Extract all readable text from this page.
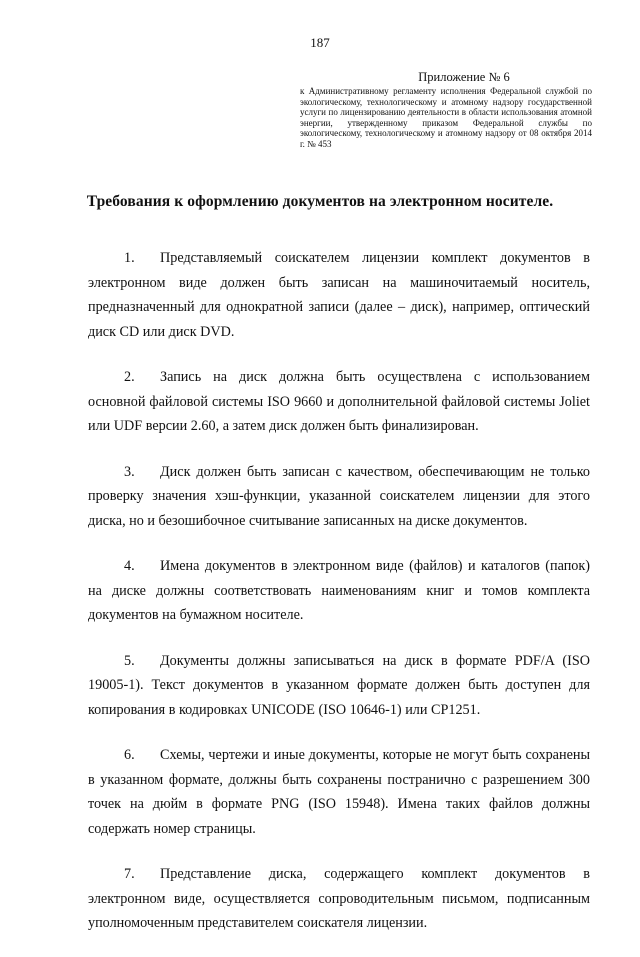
187
Приложение № 6

к Административному регламенту исполнения Федеральной службой по экологическому, технологическому и атомному надзору государственной услуги по лицензированию деятельности в области использования атомной энергии, утвержденному приказом Федеральной службы по экологическому, технологическому и атомному надзору от 08 октября 2014 г. № 453

Требования к оформлению документов на электронном носителе.

1. Представляемый соискателем лицензии комплект документов в электронном виде должен быть записан на машиночитаемый носитель, предназначенный для однократной записи (далее – диск), например, оптический диск CD или диск DVD.

2. Запись на диск должна быть осуществлена с использованием основной файловой системы ISO 9660 и дополнительной файловой системы Joliet или UDF версии 2.60, а затем диск должен быть финализирован.

3. Диск должен быть записан с качеством, обеспечивающим не только проверку значения хэш-функции, указанной соискателем лицензии для этого диска, но и безошибочное считывание записанных на диске документов.

4. Имена документов в электронном виде (файлов) и каталогов (папок) на диске должны соответствовать наименованиям книг и томов комплекта документов на бумажном носителе.

5. Документы должны записываться на диск в формате PDF/A (ISO 19005-1). Текст документов в указанном формате должен быть доступен для копирования в кодировках UNICODE (ISO 10646-1) или CP1251.

6. Схемы, чертежи и иные документы, которые не могут быть сохранены в указанном формате, должны быть сохранены постранично с разрешением 300 точек на дюйм в формате PNG (ISO 15948). Имена таких файлов должны содержать номер страницы.

7. Представление диска, содержащего комплект документов в электронном виде, осуществляется сопроводительным письмом, подписанным уполномоченным представителем соискателя лицензии.
